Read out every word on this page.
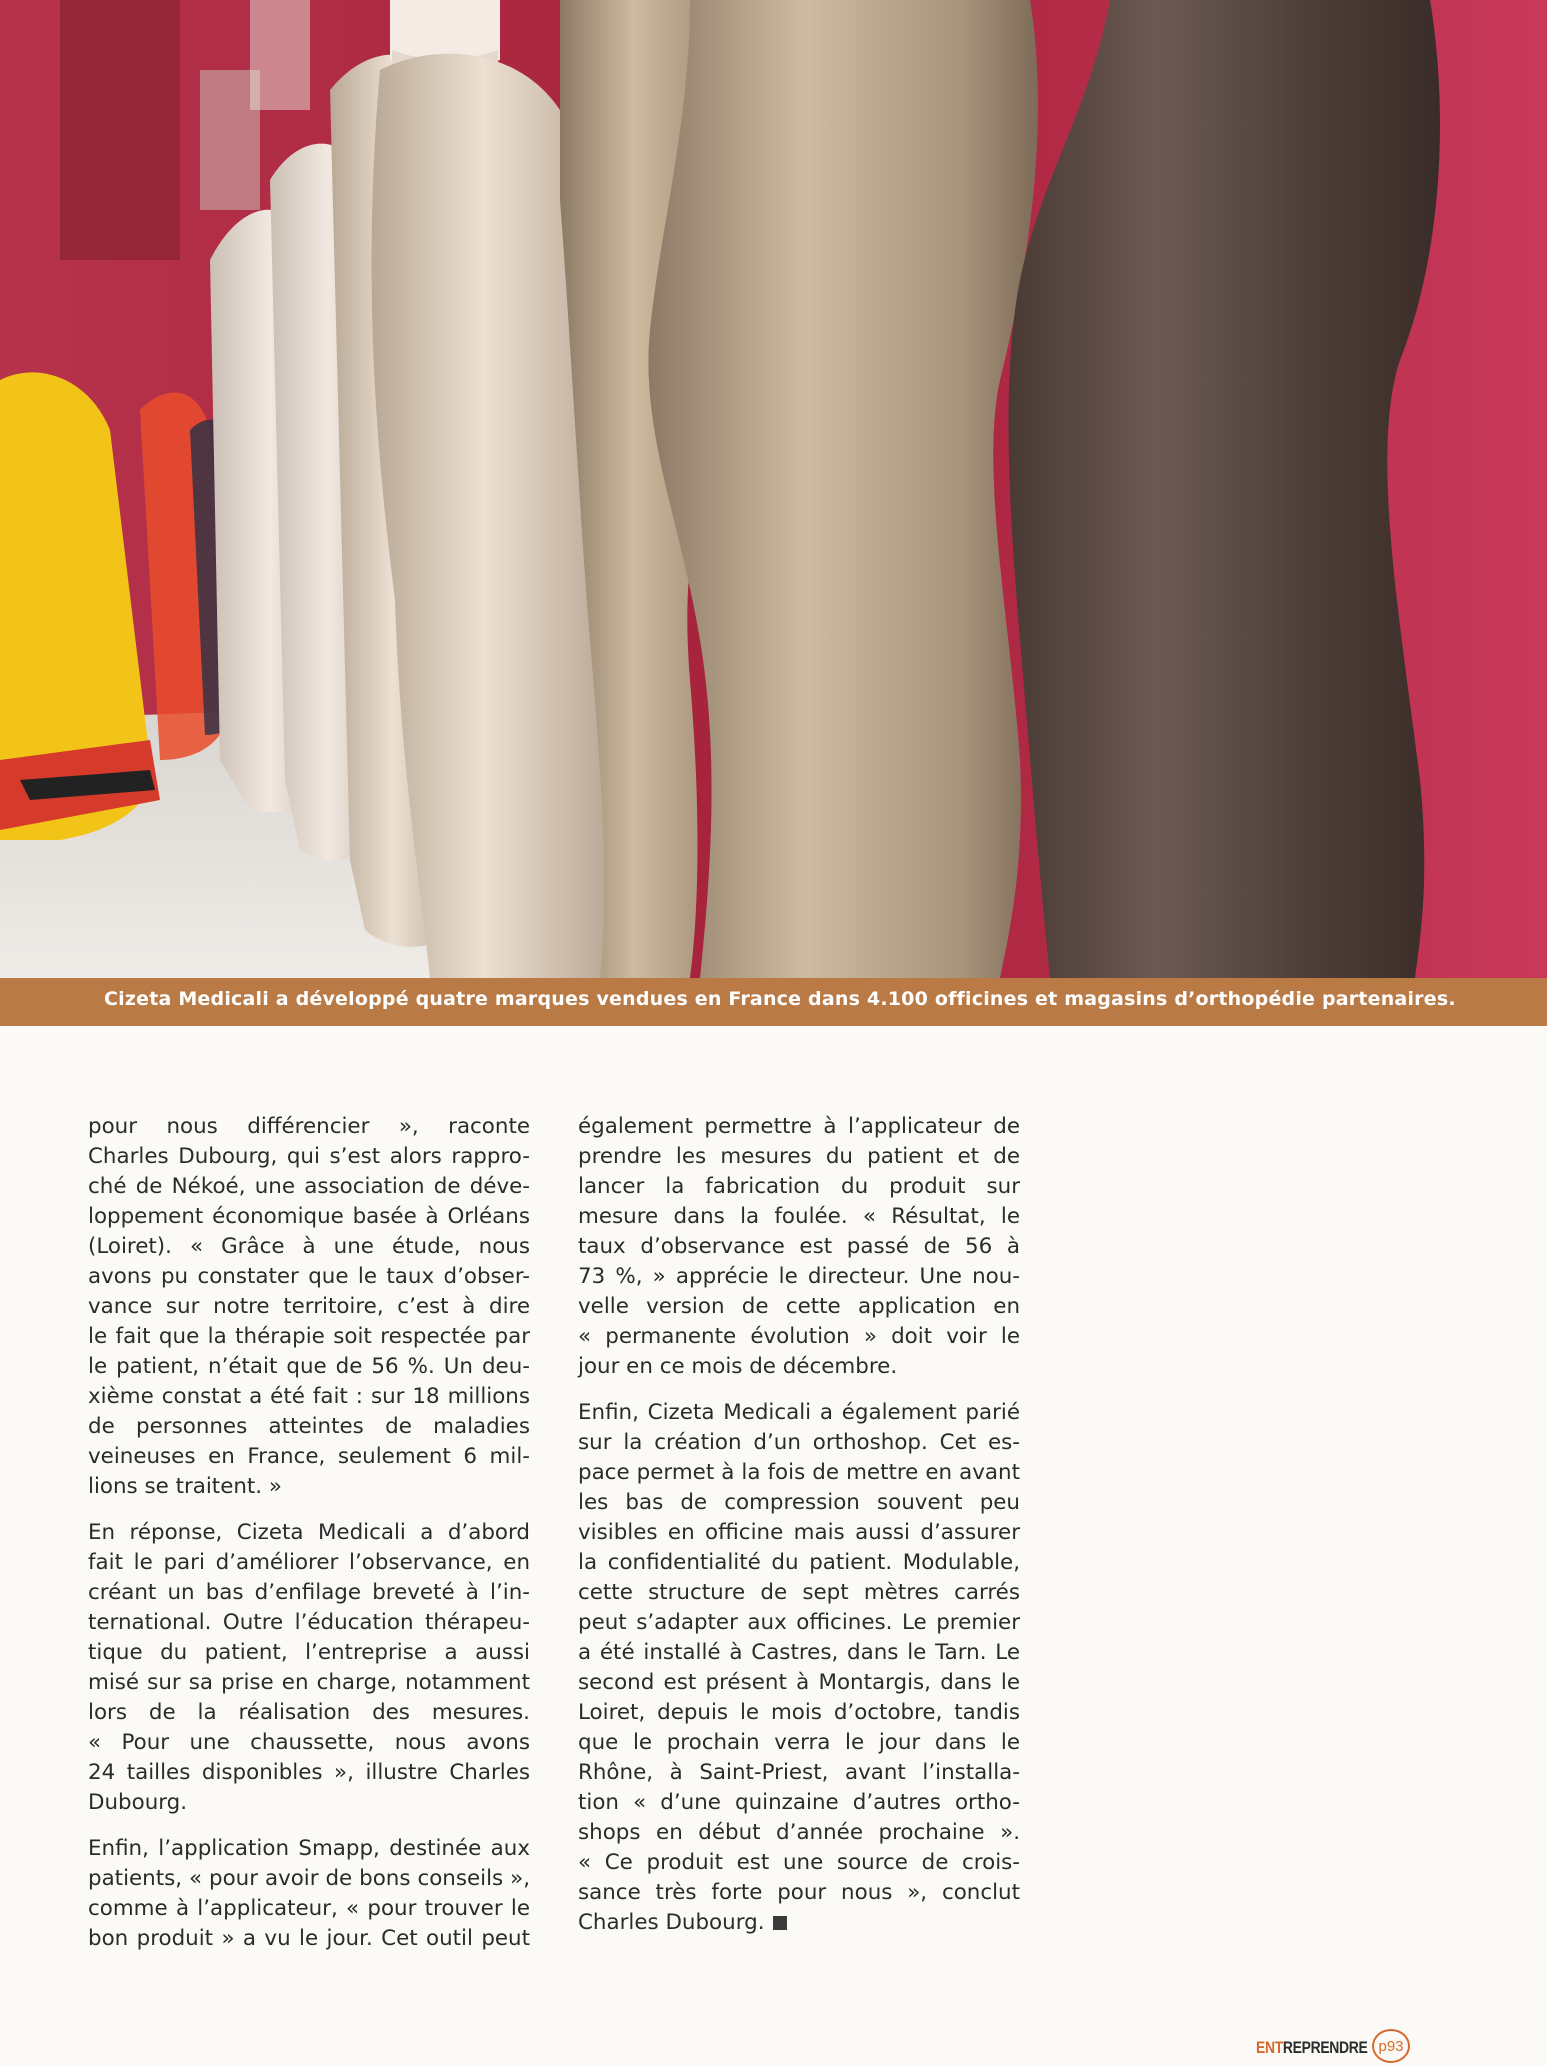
Cizeta Medicali a développé quatre marques vendues en France dans 4.100 officines et magasins d’orthopédie partenaires.
pour nous différencier », raconte
Charles Dubourg, qui s’est alors rappro-
ché de Nékoé, une association de déve-
loppement économique basée à Orléans
(Loiret). « Grâce à une étude, nous
avons pu constater que le taux d’obser-
vance sur notre territoire, c’est à dire
le fait que la thérapie soit respectée par
le patient, n’était que de 56 %. Un deu-
xième constat a été fait : sur 18 millions
de personnes atteintes de maladies
veineuses en France, seulement 6 mil-
lions se traitent. »
En réponse, Cizeta Medicali a d’abord
fait le pari d’améliorer l’observance, en
créant un bas d’enfilage breveté à l’in-
ternational. Outre l’éducation thérapeu-
tique du patient, l’entreprise a aussi
misé sur sa prise en charge, notamment
lors de la réalisation des mesures.
« Pour une chaussette, nous avons
24 tailles disponibles », illustre Charles
Dubourg.
Enfin, l’application Smapp, destinée aux
patients, « pour avoir de bons conseils »,
comme à l’applicateur, « pour trouver le
bon produit » a vu le jour. Cet outil peut
également permettre à l’applicateur de
prendre les mesures du patient et de
lancer la fabrication du produit sur
mesure dans la foulée. « Résultat, le
taux d’observance est passé de 56 à
73 %, » apprécie le directeur. Une nou-
velle version de cette application en
« permanente évolution » doit voir le
jour en ce mois de décembre.
Enfin, Cizeta Medicali a également parié
sur la création d’un orthoshop. Cet es-
pace permet à la fois de mettre en avant
les bas de compression souvent peu
visibles en officine mais aussi d’assurer
la confidentialité du patient. Modulable,
cette structure de sept mètres carrés
peut s’adapter aux officines. Le premier
a été installé à Castres, dans le Tarn. Le
second est présent à Montargis, dans le
Loiret, depuis le mois d’octobre, tandis
que le prochain verra le jour dans le
Rhône, à Saint-Priest, avant l’installa-
tion « d’une quinzaine d’autres ortho-
shops en début d’année prochaine ».
« Ce produit est une source de crois-
sance très forte pour nous », conclut
Charles Dubourg.
ENTREPRENDRE p93
